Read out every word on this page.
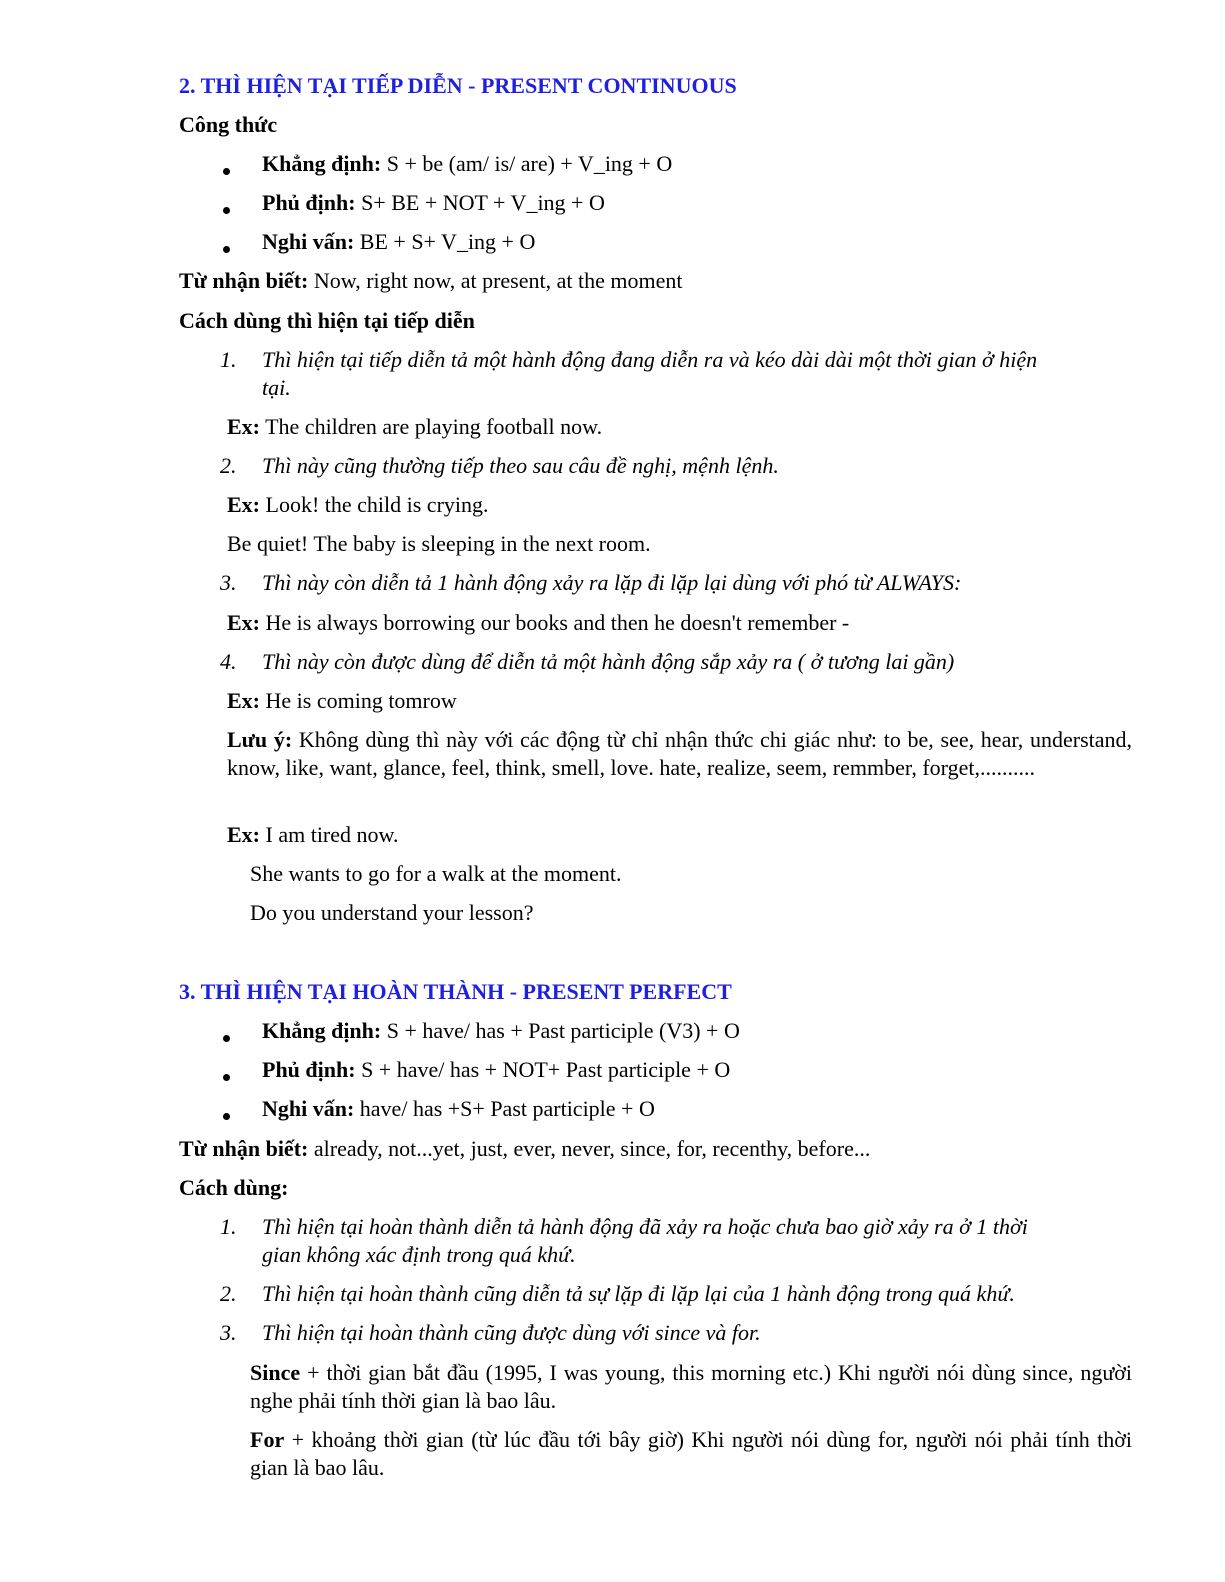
2. THÌ HIỆN TẠI TIẾP DIỄN - PRESENT CONTINUOUS
Công thức
Khẳng định: S + be (am/ is/ are) + V_ing + O
Phủ định: S+ BE + NOT + V_ing + O
Nghi vấn: BE + S+ V_ing + O
Từ nhận biết: Now, right now, at present, at the moment
Cách dùng thì hiện tại tiếp diễn
1. Thì hiện tại tiếp diễn tả một hành động đang diễn ra và kéo dài dài một thời gian ở hiện
tại.
Ex: The children are playing football now.
2. Thì này cũng thường tiếp theo sau câu đề nghị, mệnh lệnh.
Ex: Look! the child is crying.
Be quiet! The baby is sleeping in the next room.
3. Thì này còn diễn tả 1 hành động xảy ra lặp đi lặp lại dùng với phó từ ALWAYS:
Ex: He is always borrowing our books and then he doesn't remember -
4. Thì này còn được dùng để diễn tả một hành động sắp xảy ra ( ở tương lai gần)
Ex: He is coming tomrow
Lưu ý: Không dùng thì này với các động từ chỉ nhận thức chi giác như: to be, see, hear, understand, know, like, want, glance, feel, think, smell, love. hate, realize, seem, remmber, forget,..........
Ex: I am tired now.
She wants to go for a walk at the moment.
Do you understand your lesson?
3. THÌ HIỆN TẠI HOÀN THÀNH - PRESENT PERFECT
Khẳng định: S + have/ has + Past participle (V3) + O
Phủ định: S + have/ has + NOT+ Past participle + O
Nghi vấn: have/ has +S+ Past participle + O
Từ nhận biết: already, not...yet, just, ever, never, since, for, recenthy, before...
Cách dùng:
1. Thì hiện tại hoàn thành diễn tả hành động đã xảy ra hoặc chưa bao giờ xảy ra ở 1 thời
gian không xác định trong quá khứ.
2. Thì hiện tại hoàn thành cũng diễn tả sự lặp đi lặp lại của 1 hành động trong quá khứ.
3. Thì hiện tại hoàn thành cũng được dùng với since và for.
Since + thời gian bắt đầu (1995, I was young, this morning etc.) Khi người nói dùng since, người nghe phải tính thời gian là bao lâu.
For + khoảng thời gian (từ lúc đầu tới bây giờ) Khi người nói dùng for, người nói phải tính thời gian là bao lâu.
